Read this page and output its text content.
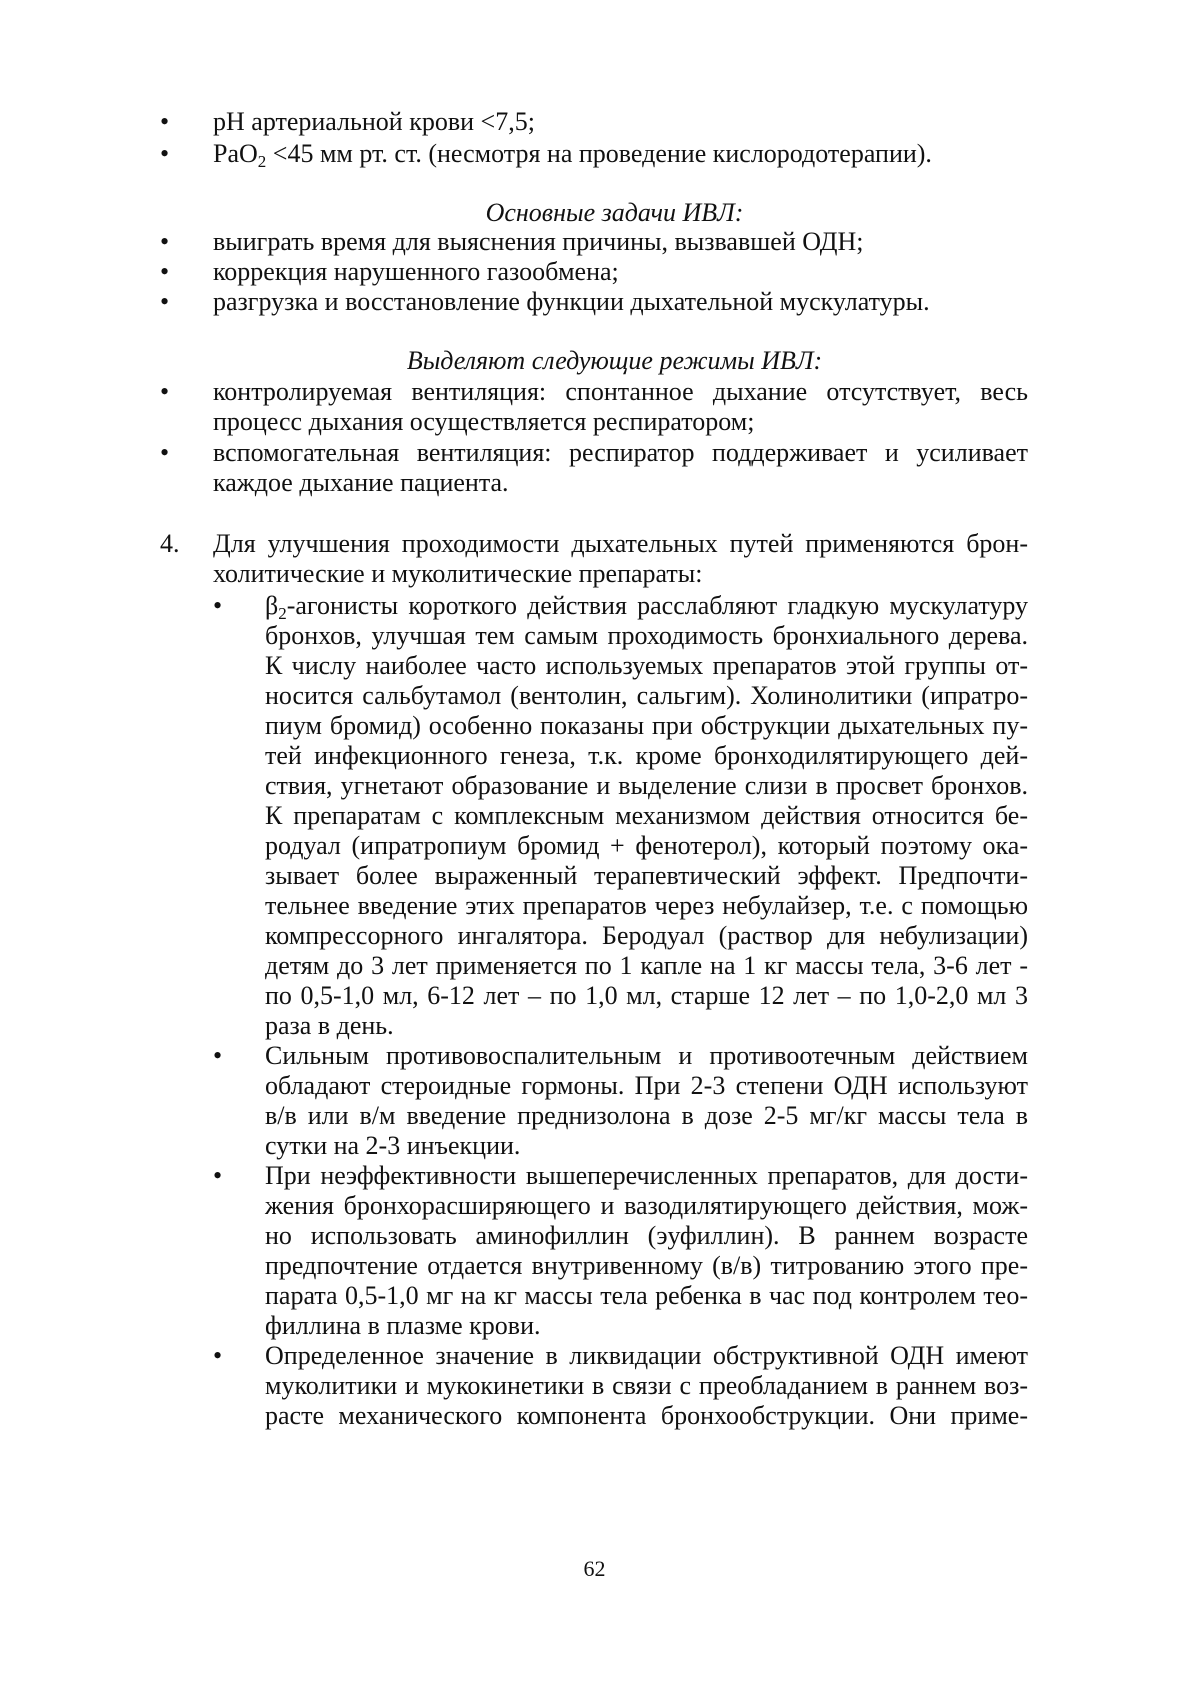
• pH артериальной крови <7,5;
• PaO$_2$ <45 мм рт. ст. (несмотря на проведение кислородотерапии).
Основные задачи ИВЛ:
• выиграть время для выяснения причины, вызвавшей ОДН;
• коррекция нарушенного газообмена;
• разгрузка и восстановление функции дыхательной мускулатуры.
Выделяют следующие режимы ИВЛ:
• контролируемая вентиляция: спонтанное дыхание отсутствует, весь
процесс дыхания осуществляется респиратором;
• вспомогательная вентиляция: респиратор поддерживает и усиливает
каждое дыхание пациента.
4. Для улучшения проходимости дыхательных путей применяются брон-
холитические и муколитические препараты:
• $\beta_2$-агонисты короткого действия расслабляют гладкую мускулатуру
бронхов, улучшая тем самым проходимость бронхиального дерева.
К числу наиболее часто используемых препаратов этой группы от-
носится сальбутамол (вентолин, сальгим). Холинолитики (ипратро-
пиум бромид) особенно показаны при обструкции дыхательных пу-
тей инфекционного генеза, т.к. кроме бронходилятирующего дей-
ствия, угнетают образование и выделение слизи в просвет бронхов.
К препаратам с комплексным механизмом действия относится бе-
родуал (ипратропиум бромид + фенотерол), который поэтому ока-
зывает более выраженный терапевтический эффект. Предпочти-
тельнее введение этих препаратов через небулайзер, т.е. с помощью
компрессорного ингалятора. Беродуал (раствор для небулизации)
детям до 3 лет применяется по 1 капле на 1 кг массы тела, 3-6 лет -
по 0,5-1,0 мл, 6-12 лет – по 1,0 мл, старше 12 лет – по 1,0-2,0 мл 3
раза в день.
• Сильным противовоспалительным и противоотечным действием
обладают стероидные гормоны. При 2-3 степени ОДН используют
в/в или в/м введение преднизолона в дозе 2-5 мг/кг массы тела в
сутки на 2-3 инъекции.
• При неэффективности вышеперечисленных препаратов, для дости-
жения бронхорасширяющего и вазодилятирующего действия, мож-
но использовать аминофиллин (эуфиллин). В раннем возрасте
предпочтение отдается внутривенному (в/в) титрованию этого пре-
парата 0,5-1,0 мг на кг массы тела ребенка в час под контролем тео-
филлина в плазме крови.
• Определенное значение в ликвидации обструктивной ОДН имеют
муколитики и мукокинетики в связи с преобладанием в раннем воз-
расте механического компонента бронхообструкции. Они приме-
62
